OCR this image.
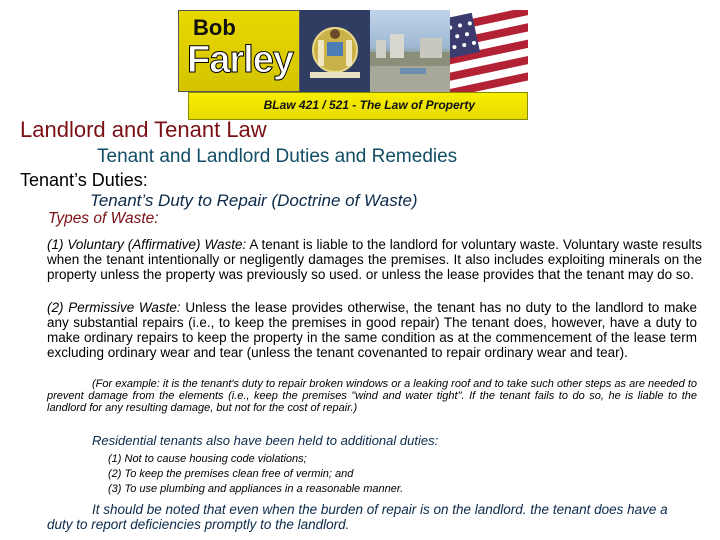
Bob
Farley
BLaw 421 / 521 - The Law of Property
Landlord and Tenant Law
Tenant and Landlord Duties and Remedies
Tenant’s Duties:
Tenant’s Duty to Repair (Doctrine of Waste)
Types of Waste:
(1) Voluntary (Affirmative) Waste: A tenant is liable to the landlord for voluntary waste. Voluntary waste results when the tenant intentionally or negligently damages the premises. It also includes exploiting minerals on the property unless the property was previously so used. or unless the lease provides that the tenant may do so.
(2) Permissive Waste: Unless the lease provides otherwise, the tenant has no duty to the landlord to make any substantial repairs (i.e., to keep the premises in good repair) The tenant does, however, have a duty to make ordinary repairs to keep the property in the same condition as at the commencement of the lease term excluding ordinary wear and tear (unless the tenant covenanted to repair ordinary wear and tear).
(For example: it is the tenant's duty to repair broken windows or a leaking roof and to take such other steps as are needed to prevent damage from the elements (i.e., keep the premises "wind and water tight". If the tenant fails to do so, he is liable to the landlord for any resulting damage, but not for the cost of repair.)
Residential tenants also have been held to additional duties:
(1) Not to cause housing code violations;
(2) To keep the premises clean free of vermin; and
(3) To use plumbing and appliances in a reasonable manner.
It should be noted that even when the burden of repair is on the landlord. the tenant does have a duty to report deficiencies promptly to the landlord.
